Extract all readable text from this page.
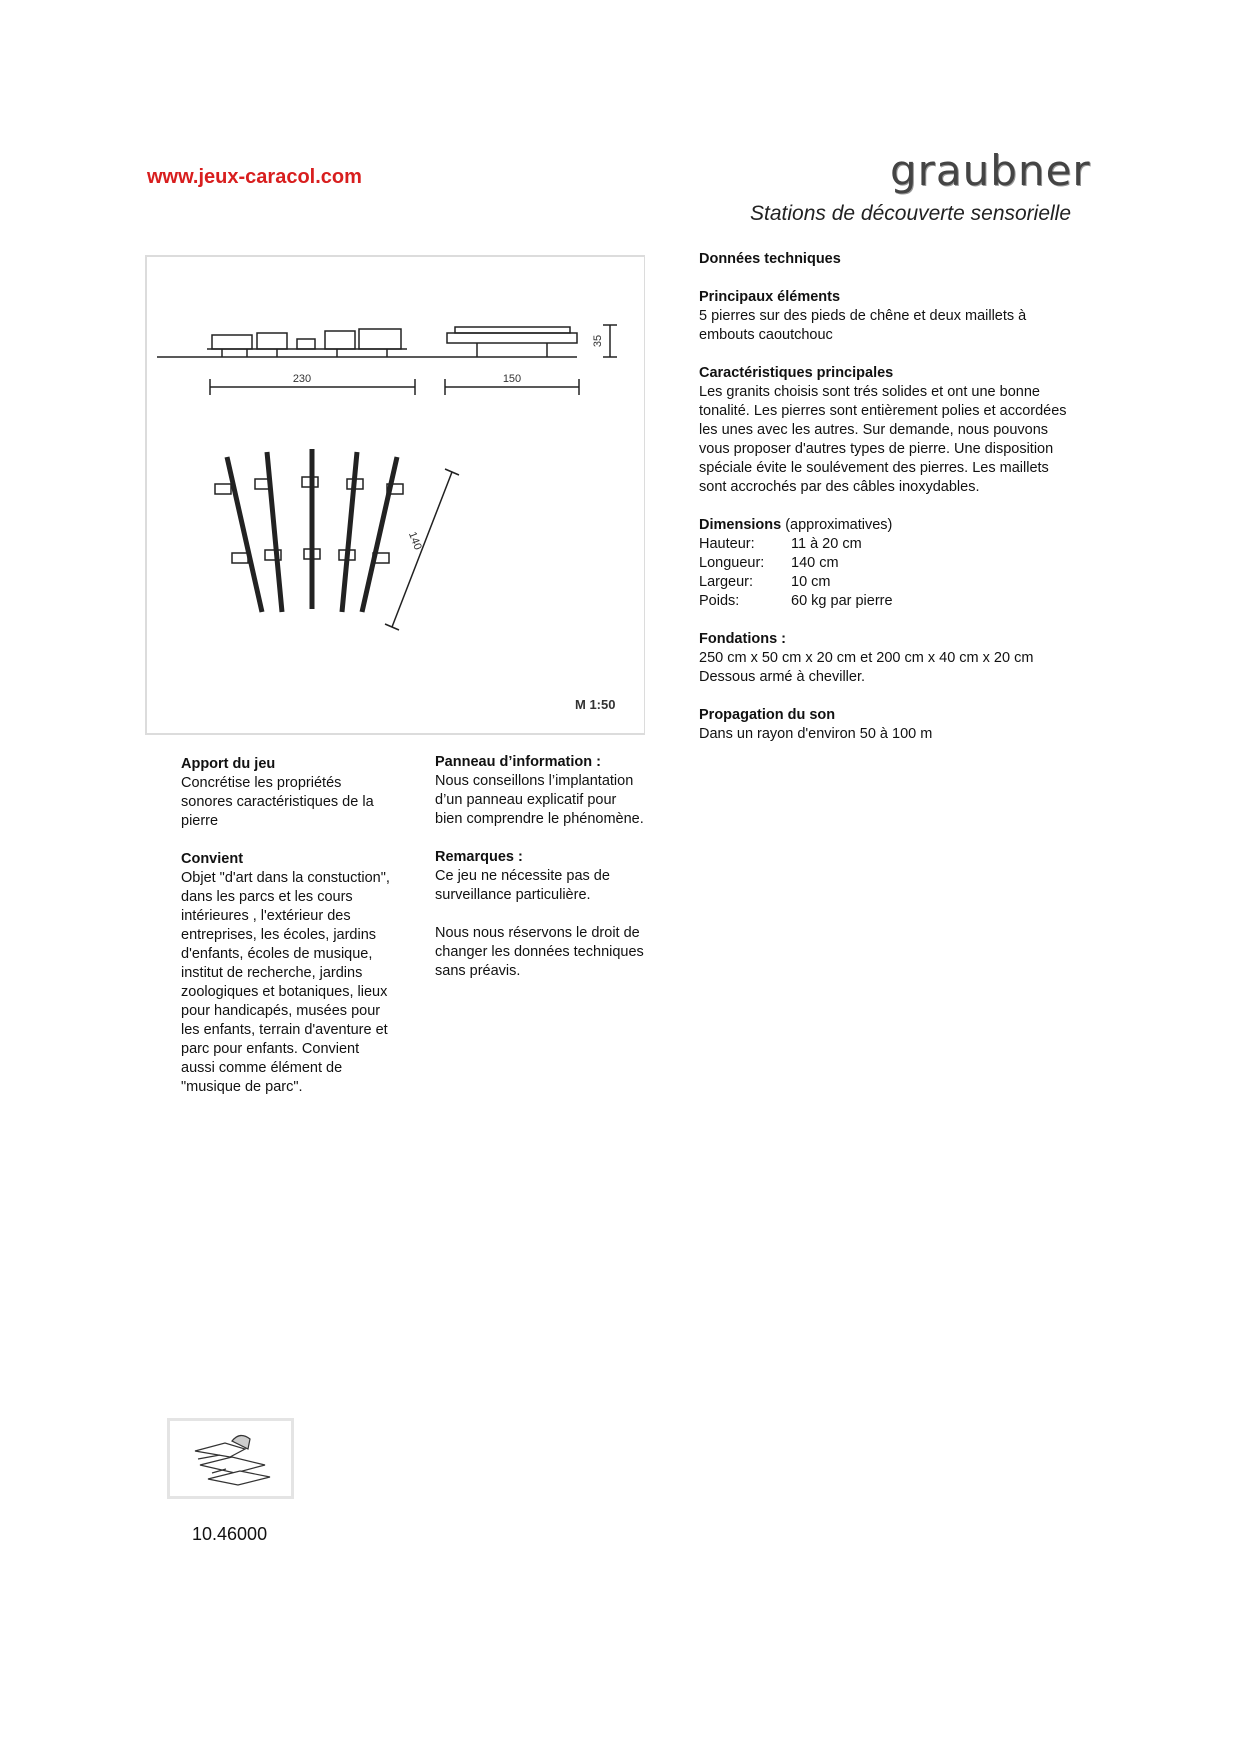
www.jeux-caracol.com	graubner

Stations de découverte sensorielle

230	150
35
140

M 1:50

Apport du jeu

Concrétise les propriétés
sonores caractéristiques de la
pierre

Convient

Objet "d'art dans la constuction",
dans les parcs et les cours
intérieures , l'extérieur des
entreprises, les écoles, jardins
d'enfants, écoles de musique,
institut de recherche, jardins
zoologiques et botaniques, lieux
pour handicapés, musées pour
les enfants, terrain d'aventure et
parc pour enfants. Convient
aussi comme élément de
"musique de parc".

Panneau d’information :

Nous conseillons l’implantation
d’un panneau explicatif pour
bien comprendre le phénomène.

Remarques :

Ce jeu ne nécessite pas de
surveillance particulière.

Nous nous réservons le droit de
changer les données techniques
sans préavis.

Données techniques
Principaux éléments

5 pierres sur des pieds de chêne et deux maillets à
embouts caoutchouc

Caractéristiques principales

Les granits choisis sont trés solides et ont une bonne
tonalité. Les pierres sont entièrement polies et accordées
les unes avec les autres. Sur demande, nous pouvons
vous proposer d'autres types de pierre. Une disposition
spéciale évite le soulévement des pierres. Les maillets
sont accrochés par des câbles inoxydables.

Dimensions (approximatives)
Hauteur:	11 à 20 cm
Longueur:	140 cm
Largeur:	10 cm
Poids:	60 kg par pierre
Fondations :

250 cm x 50 cm x 20 cm et 200 cm x 40 cm x 20 cm
Dessous armé à cheviller.

Propagation du son

Dans un rayon d'environ 50 à 100 m

10.46000
